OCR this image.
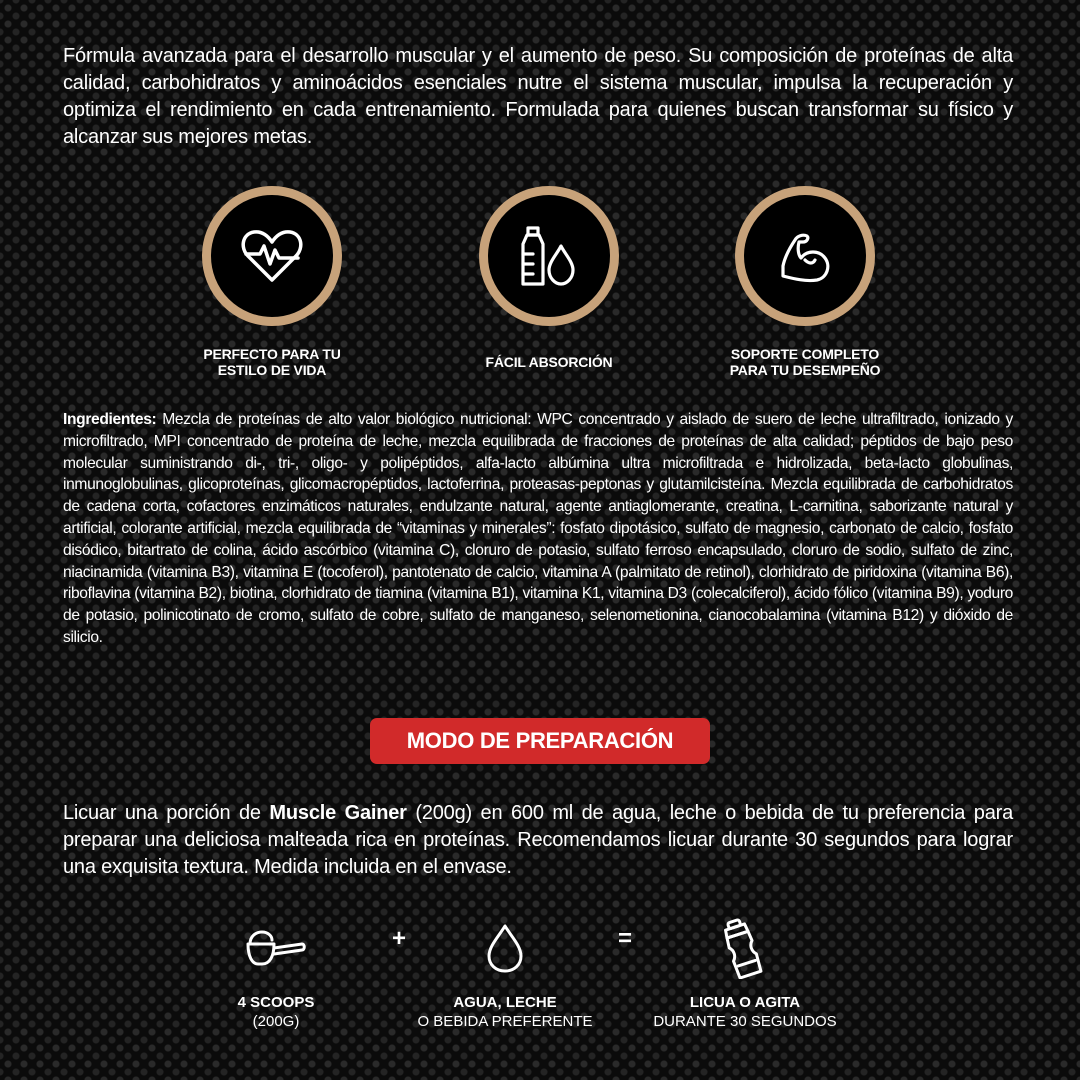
Fórmula avanzada para el desarrollo muscular y el aumento de peso. Su composición de proteínas de alta calidad, carbohidratos y aminoácidos esenciales nutre el sistema muscular, impulsa la recuperación y optimiza el rendimiento en cada entrenamiento. Formulada para quienes buscan transformar su físico y alcanzar sus mejores metas.

PERFECTO PARA TU
ESTILO DE VIDA	FÁCIL ABSORCIÓN	SOPORTE COMPLETO
PARA TU DESEMPEÑO

Ingredientes: Mezcla de proteínas de alto valor biológico nutricional: WPC concentrado y aislado de suero de leche ultrafiltrado, ionizado y microfiltrado, MPI concentrado de proteína de leche, mezcla equilibrada de fracciones de proteínas de alta calidad; péptidos de bajo peso molecular suministrando di-, tri-, oligo- y polipéptidos, alfa-lacto albúmina ultra microfiltrada e hidrolizada, beta-lacto globulinas, inmunoglobulinas, glicoproteínas, glicomacropéptidos, lactoferrina, proteasas-peptonas y glutamilcisteína. Mezcla equilibrada de carbohidratos de cadena corta, cofactores enzimáticos naturales, endulzante natural, agente antiaglomerante, creatina, L-carnitina, saborizante natural y artificial, colorante artificial, mezcla equilibrada de “vitaminas y minerales”: fosfato dipotásico, sulfato de magnesio, carbonato de calcio, fosfato disódico, bitartrato de colina, ácido ascórbico (vitamina C), cloruro de potasio, sulfato ferroso encapsulado, cloruro de sodio, sulfato de zinc, niacinamida (vitamina B3), vitamina E (tocoferol), pantotenato de calcio, vitamina A (palmitato de retinol), clorhidrato de piridoxina (vitamina B6), riboflavina (vitamina B2), biotina, clorhidrato de tiamina (vitamina B1), vitamina K1, vitamina D3 (colecalciferol), ácido fólico (vitamina B9), yoduro de potasio, polinicotinato de cromo, sulfato de cobre, sulfato de manganeso, selenometionina, cianocobalamina (vitamina B12) y dióxido de silicio.

MODO DE PREPARACIÓN

Licuar una porción de Muscle Gainer (200g) en 600 ml de agua, leche o bebida de tu preferencia para preparar una deliciosa malteada rica en proteínas. Recomendamos licuar durante 30 segundos para lograr una exquisita textura. Medida incluida en el envase.

4 SCOOPS
(200G)
+
AGUA, LECHE
O BEBIDA PREFERENTE
=
LICUA O AGITA
DURANTE 30 SEGUNDOS
